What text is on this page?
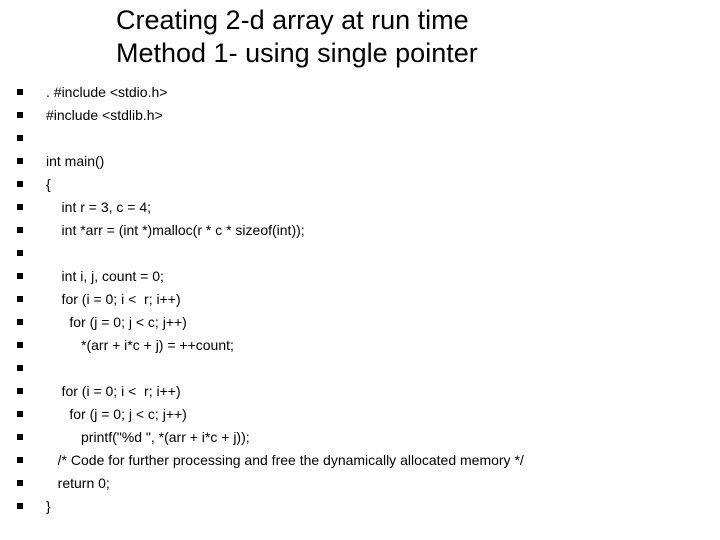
Creating 2-d array at run time
Method 1- using single pointer
. #include <stdio.h>
#include <stdlib.h>
int main()
{
int r = 3, c = 4;
int *arr = (int *)malloc(r * c * sizeof(int));
int i, j, count = 0;
for (i = 0; i <  r; i++)
for (j = 0; j < c; j++)
*(arr + i*c + j) = ++count;
for (i = 0; i <  r; i++)
for (j = 0; j < c; j++)
printf("%d ", *(arr + i*c + j));
/* Code for further processing and free the dynamically allocated memory */
return 0;
}
